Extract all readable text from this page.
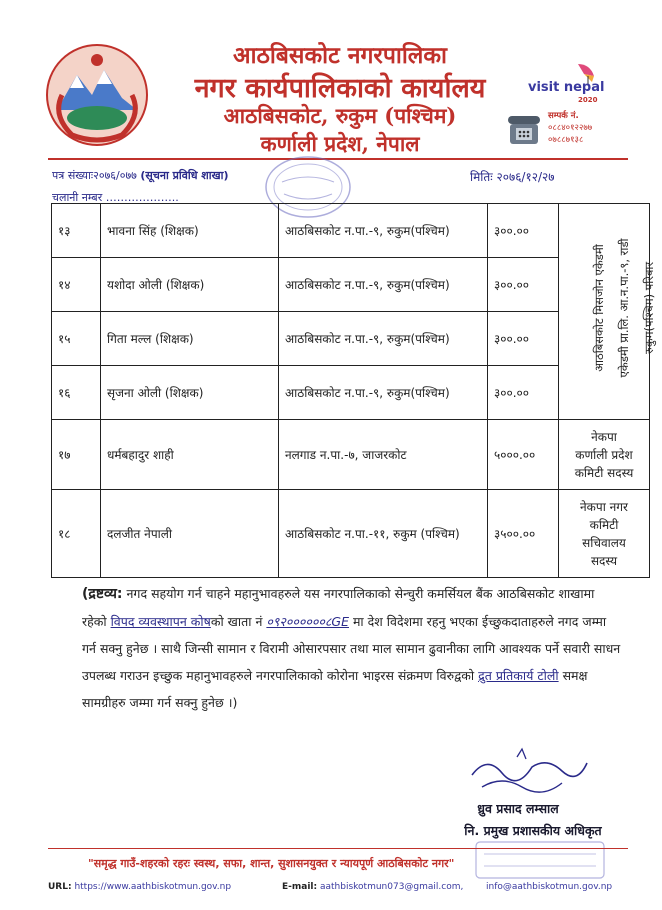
आठबिसकोट नगरपालिका
नगर कार्यपालिकाको कार्यालय
आठबिसकोट, रुकुम (पश्चिम)
कर्णाली प्रदेश, नेपाल
visit nepal
2020
सम्पर्क नं.
०८८४०१२२७७
०७८८७१३८
पत्र संख्याः२०७६/०७७ (सूचना प्रविधि शाखा)	मितिः २०७६/१२/२७
चलानी नम्बर ………………..
१३	भावना सिंह (शिक्षक)	आठबिसकोट न.पा.-९, रुकुम(पश्चिम)	३००.००	आठबिसकोट मिसजोन एकेडमी एकेडमी प्रा.लि. आ.न.पा.-९, राडी रुकुम(पश्चिम) परिवार

१४	यशोदा ओली (शिक्षक)	आठबिसकोट न.पा.-९, रुकुम(पश्चिम)	३००.००	
१५	गिता मल्ल (शिक्षक)	आठबिसकोट न.पा.-९, रुकुम(पश्चिम)	३००.००	
१६	सृजना ओली (शिक्षक)	आठबिसकोट न.पा.-९, रुकुम(पश्चिम)	३००.००	
१७	धर्मबहादुर शाही	नलगाड न.पा.-७, जाजरकोट	५०००.००	नेकपा
कर्णाली प्रदेश
कमिटी सदस्य

१८	दलजीत नेपाली	आठबिसकोट न.पा.-११, रुकुम (पश्चिम)	३५००.००	नेकपा नगर
कमिटी
सचिवालय
सदस्य
(द्रष्टव्य: नगद सहयोग गर्न चाहने महानुभावहरुले यस नगरपालिकाको सेन्चुरी कमर्सियल बैंक आठबिसकोट शाखामा रहेको विपद व्यवस्थापन कोषको खाता नं ०९२००००००८GE मा देश विदेशमा रहनु भएका ईच्छुकदाताहरुले नगद जम्मा गर्न सक्नु हुनेछ । साथै जिन्सी सामान र विरामी ओसारपसार तथा माल सामान ढुवानीका लागि आवश्यक पर्ने सवारी साधन उपलब्ध गराउन इच्छुक महानुभावहरुले नगरपालिकाको कोरोना भाइरस संक्रमण विरुद्वको द्रुत प्रतिकार्य टोली समक्ष सामग्रीहरु जम्मा गर्न सक्नु हुनेछ ।)
ध्रुव प्रसाद लम्साल
नि. प्रमुख प्रशासकीय अधिकृत
"समृद्ध गाउँ-शहरको रहरः स्वस्थ, सफा, शान्त, सुशासनयुक्त र न्यायपूर्ण आठबिसकोट नगर"
URL: https://www.aathbiskotmun.gov.np	E-mail: aathbiskotmun073@gmail.com,	info@aathbiskotmun.gov.np
